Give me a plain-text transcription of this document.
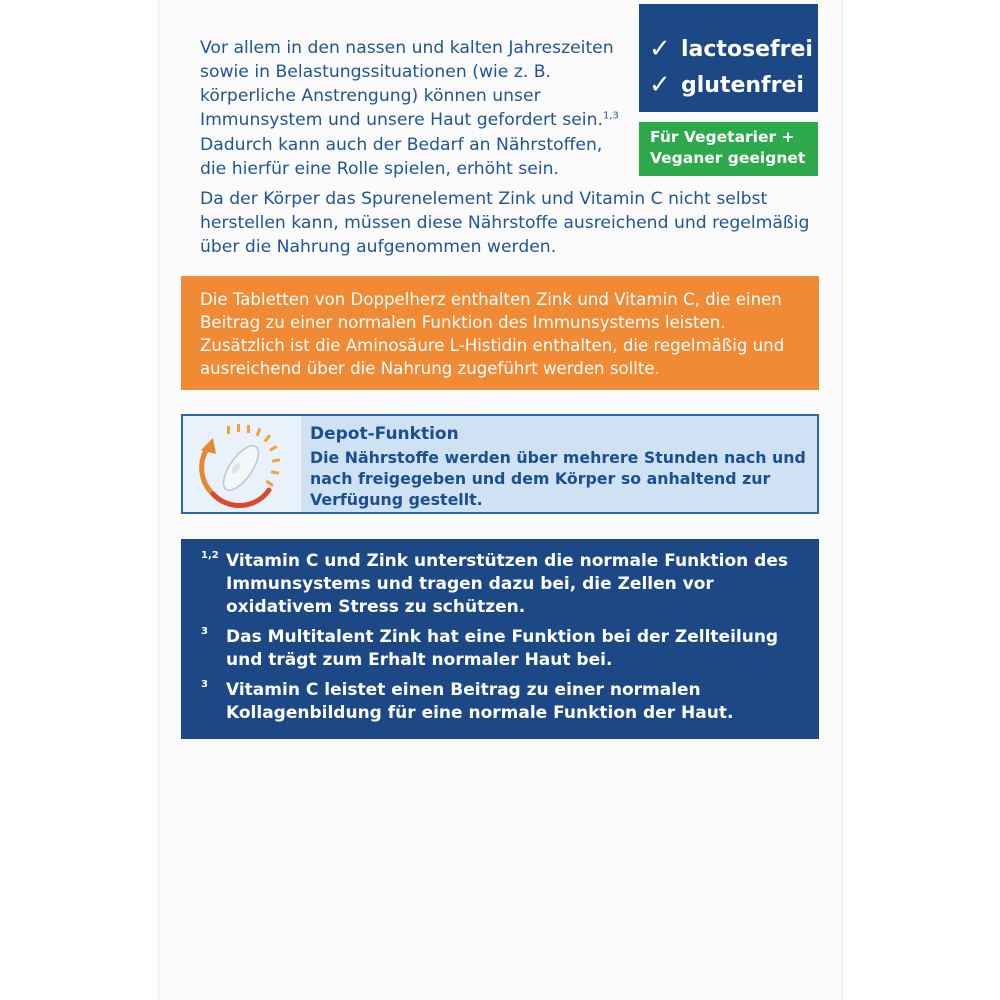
Vor allem in den nassen und kalten Jahreszeiten sowie in Belastungssituationen (wie z. B. körperliche Anstrengung) können unser Immunsystem und unsere Haut gefordert sein.$^{1,3}$

Dadurch kann auch der Bedarf an Nährstoffen, die hierfür eine Rolle spielen, erhöht sein.

Da der Körper das Spurenelement Zink und Vitamin C nicht selbst herstellen kann, müssen diese Nährstoffe ausreichend und regelmäßig über die Nahrung aufgenommen werden.

✓ lactosefrei
✓ glutenfrei
Für Vegetarier +
Veganer geeignet

Die Tabletten von Doppelherz enthalten Zink und Vitamin C, die einen Beitrag zu einer normalen Funktion des Immunsystems leisten. Zusätzlich ist die Aminosäure L-Histidin enthalten, die regelmäßig und ausreichend über die Nahrung zugeführt werden sollte.

Depot-Funktion

Die Nährstoffe werden über mehrere Stunden nach und nach freigegeben und dem Körper so anhaltend zur Verfügung gestellt.

1,2 Vitamin C und Zink unterstützen die normale Funktion des Immunsystems und tragen dazu bei, die Zellen vor oxidativem Stress zu schützen.

3 Das Multitalent Zink hat eine Funktion bei der Zellteilung und trägt zum Erhalt normaler Haut bei.

3 Vitamin C leistet einen Beitrag zu einer normalen Kollagenbildung für eine normale Funktion der Haut.
